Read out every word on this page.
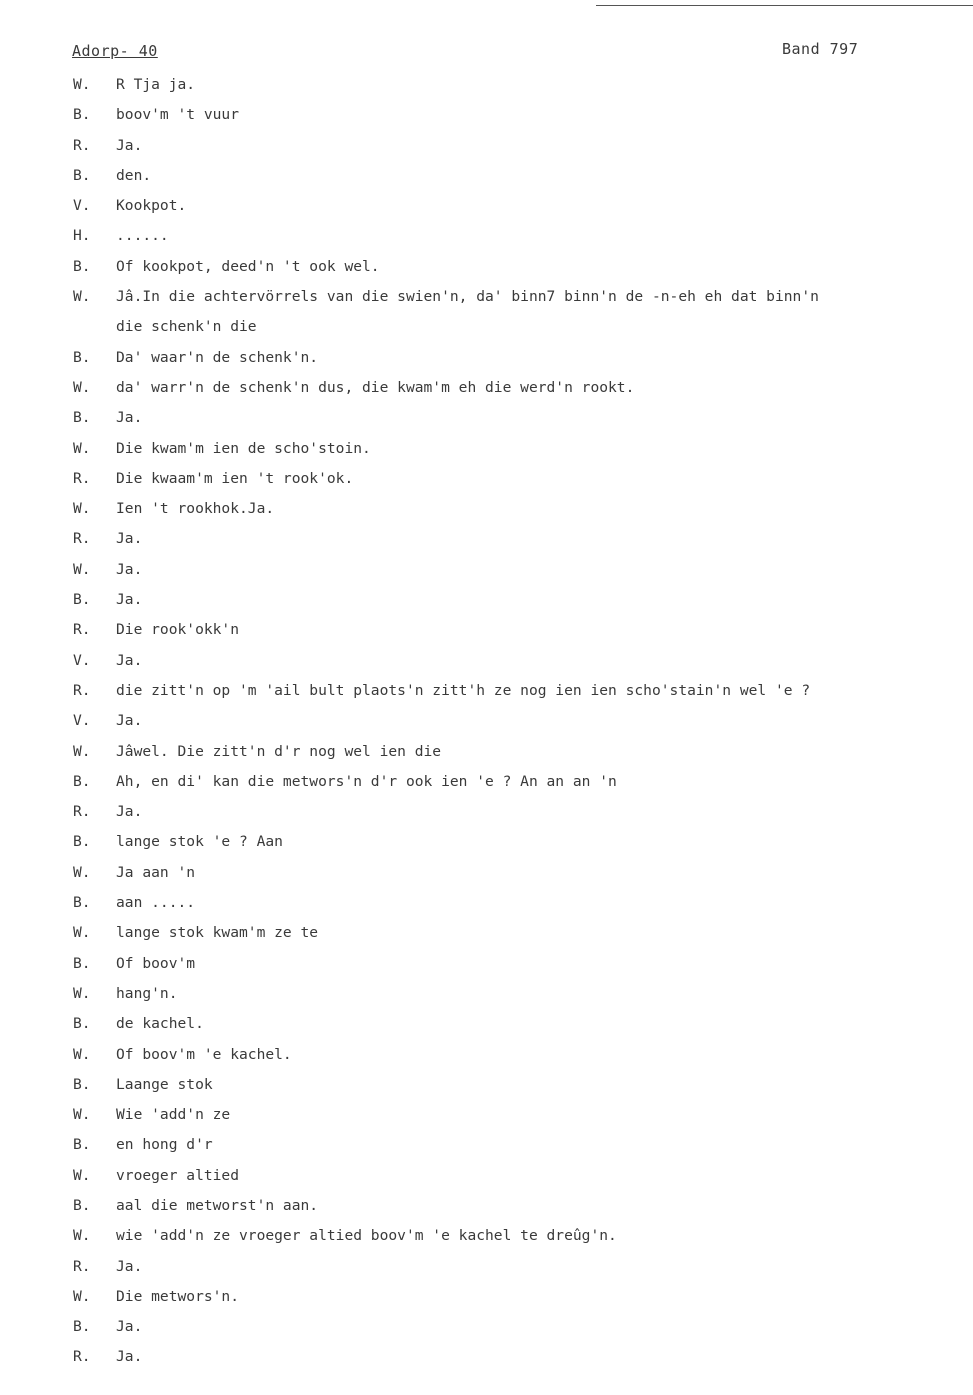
Adorp- 40	Band 797
W. R Tja ja.
B. boov'm 't vuur
R. Ja.
B. den.
V. Kookpot.
H. ......
B. Of kookpot, deed'n 't ook wel.
W. Jâ.In die achtervörrels van die swien'n, da' binn7 binn'n de -n-eh eh dat binn'n
die schenk'n die
B. Da' waar'n de schenk'n.
W. da' warr'n de schenk'n dus, die kwam'm eh die werd'n rookt.
B. Ja.
W. Die kwam'm ien de scho'stoin.
R. Die kwaam'm ien 't rook'ok.
W. Ien 't rookhok.Ja.
R. Ja.
W. Ja.
B. Ja.
R. Die rook'okk'n
V. Ja.
R. die zitt'n op 'm 'ail bult plaots'n zitt'h ze nog ien ien scho'stain'n wel 'e ?
V. Ja.
W. Jâwel. Die zitt'n d'r nog wel ien die
B. Ah, en di' kan die metwors'n d'r ook ien 'e ? An an an 'n
R. Ja.
B. lange stok 'e ? Aan
W. Ja aan 'n
B. aan .....
W. lange stok kwam'm ze te
B. Of boov'm
W. hang'n.
B. de kachel.
W. Of boov'm 'e kachel.
B. Laange stok
W. Wie 'add'n ze
B. en hong d'r
W. vroeger altied
B. aal die metworst'n aan.
W. wie 'add'n ze vroeger altied boov'm 'e kachel te dreûg'n.
R. Ja.
W. Die metwors'n.
B. Ja.
R. Ja.
